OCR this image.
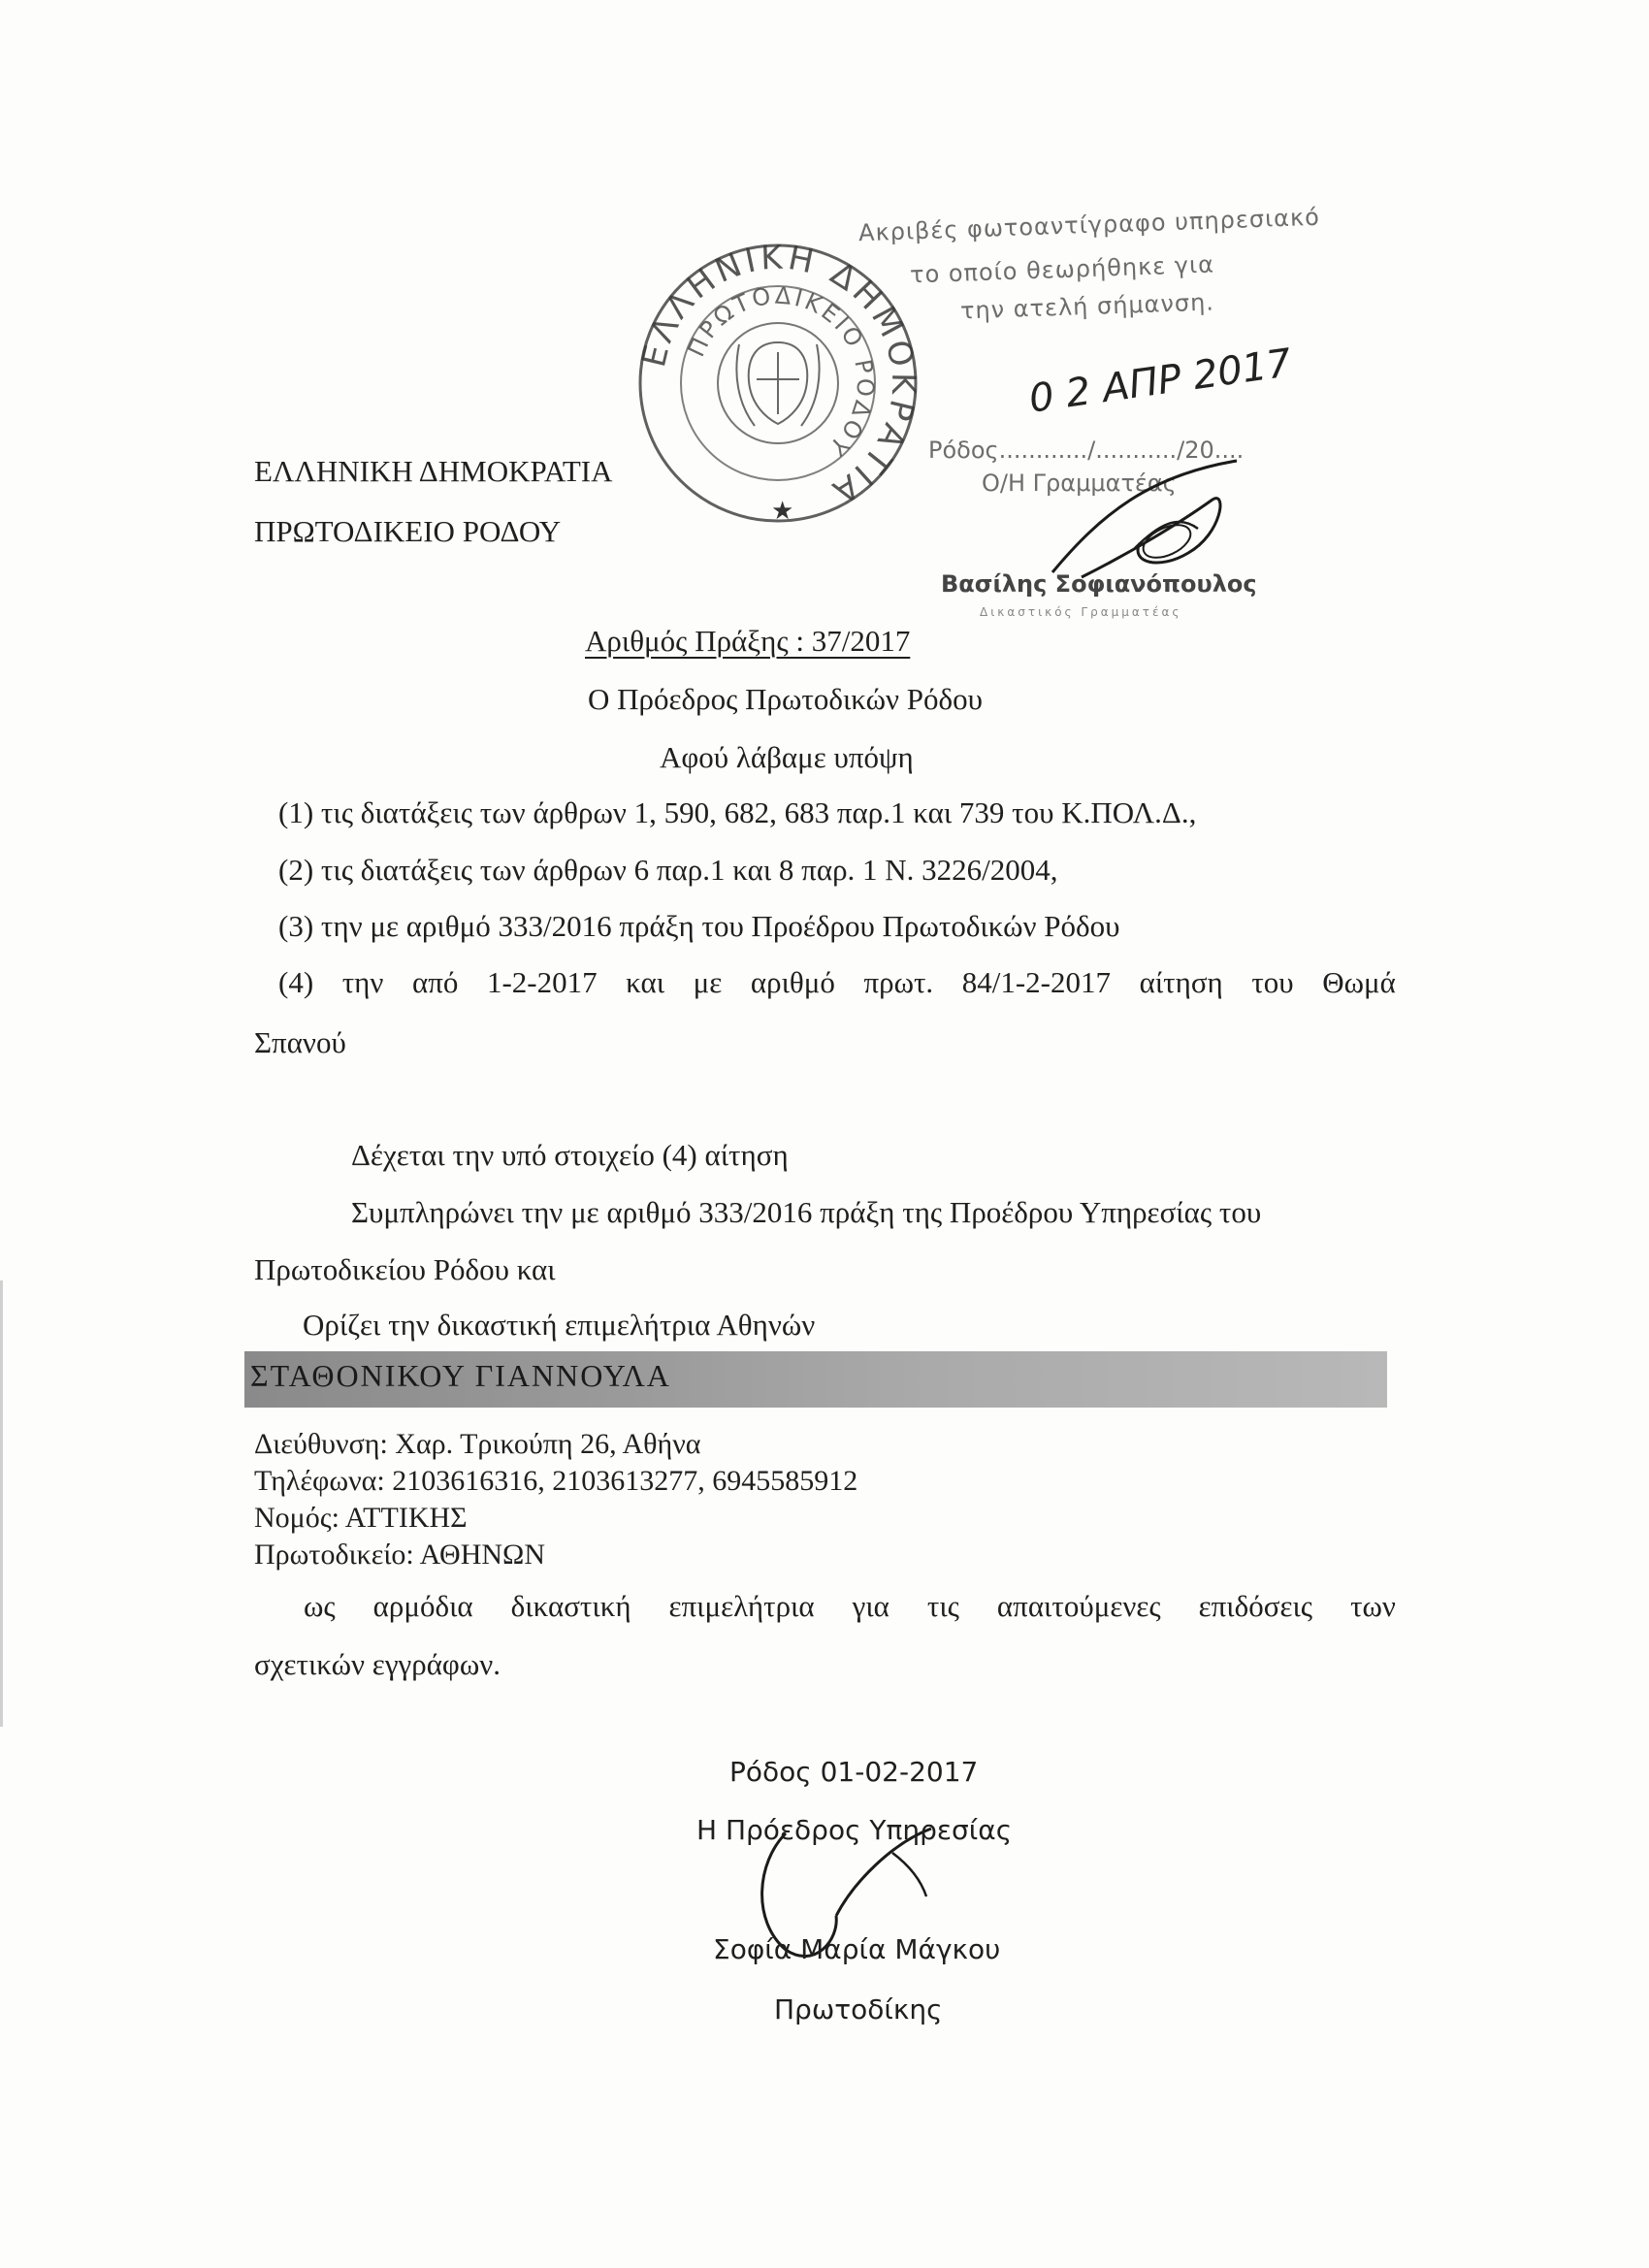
ΕΛΛΗΝΙΚΗ ΔΗΜΟΚΡΑΤΙΑ
ΠΡΩΤΟΔΙΚΕΙΟ ΡΟΔΟΥ
ΕΛΛΗΝΙΚΗ ΔΗΜΟΚΡΑΤΙΑ
ΠΡΩΤΟΔΙΚΕΙΟ ΡΟΔΟΥ
★
Ακριβές φωτοαντίγραφο υπηρεσιακό
το οποίο θεωρήθηκε για
την ατελή σήμανση.
Ρόδος............/.........../20....
0 2 ΑΠΡ 2017
Ο/Η Γραμματέας
Βασίλης Σοφιανόπουλος
Δικαστικός Γραμματέας
Αριθμός Πράξης : 37/2017
Ο Πρόεδρος Πρωτοδικών Ρόδου
Αφού λάβαμε υπόψη
(1) τις διατάξεις των άρθρων 1, 590, 682, 683 παρ.1 και 739 του Κ.ΠΟΛ.Δ.,
(2) τις διατάξεις των άρθρων 6 παρ.1 και 8 παρ. 1 Ν. 3226/2004,
(3) την με αριθμό 333/2016 πράξη του Προέδρου Πρωτοδικών Ρόδου
(4) την από 1-2-2017 και με αριθμό πρωτ. 84/1-2-2017 αίτηση του Θωμά
Σπανού
Δέχεται την υπό στοιχείο (4) αίτηση
Συμπληρώνει την με αριθμό 333/2016 πράξη της Προέδρου Υπηρεσίας του
Πρωτοδικείου Ρόδου και
Ορίζει την δικαστική επιμελήτρια Αθηνών
ΣΤΑΘΟΝΙΚΟΥ ΓΙΑΝΝΟΥΛΑ
Διεύθυνση: Χαρ. Τρικούπη 26, Αθήνα
Τηλέφωνα: 2103616316, 2103613277, 6945585912
Νομός: ΑΤΤΙΚΗΣ
Πρωτοδικείο: ΑΘΗΝΩΝ
ως αρμόδια δικαστική επιμελήτρια για τις απαιτούμενες επιδόσεις των
σχετικών εγγράφων.
Ρόδος 01-02-2017
Η Πρόεδρος Υπηρεσίας
Σοφία Μαρία Μάγκου
Πρωτοδίκης
